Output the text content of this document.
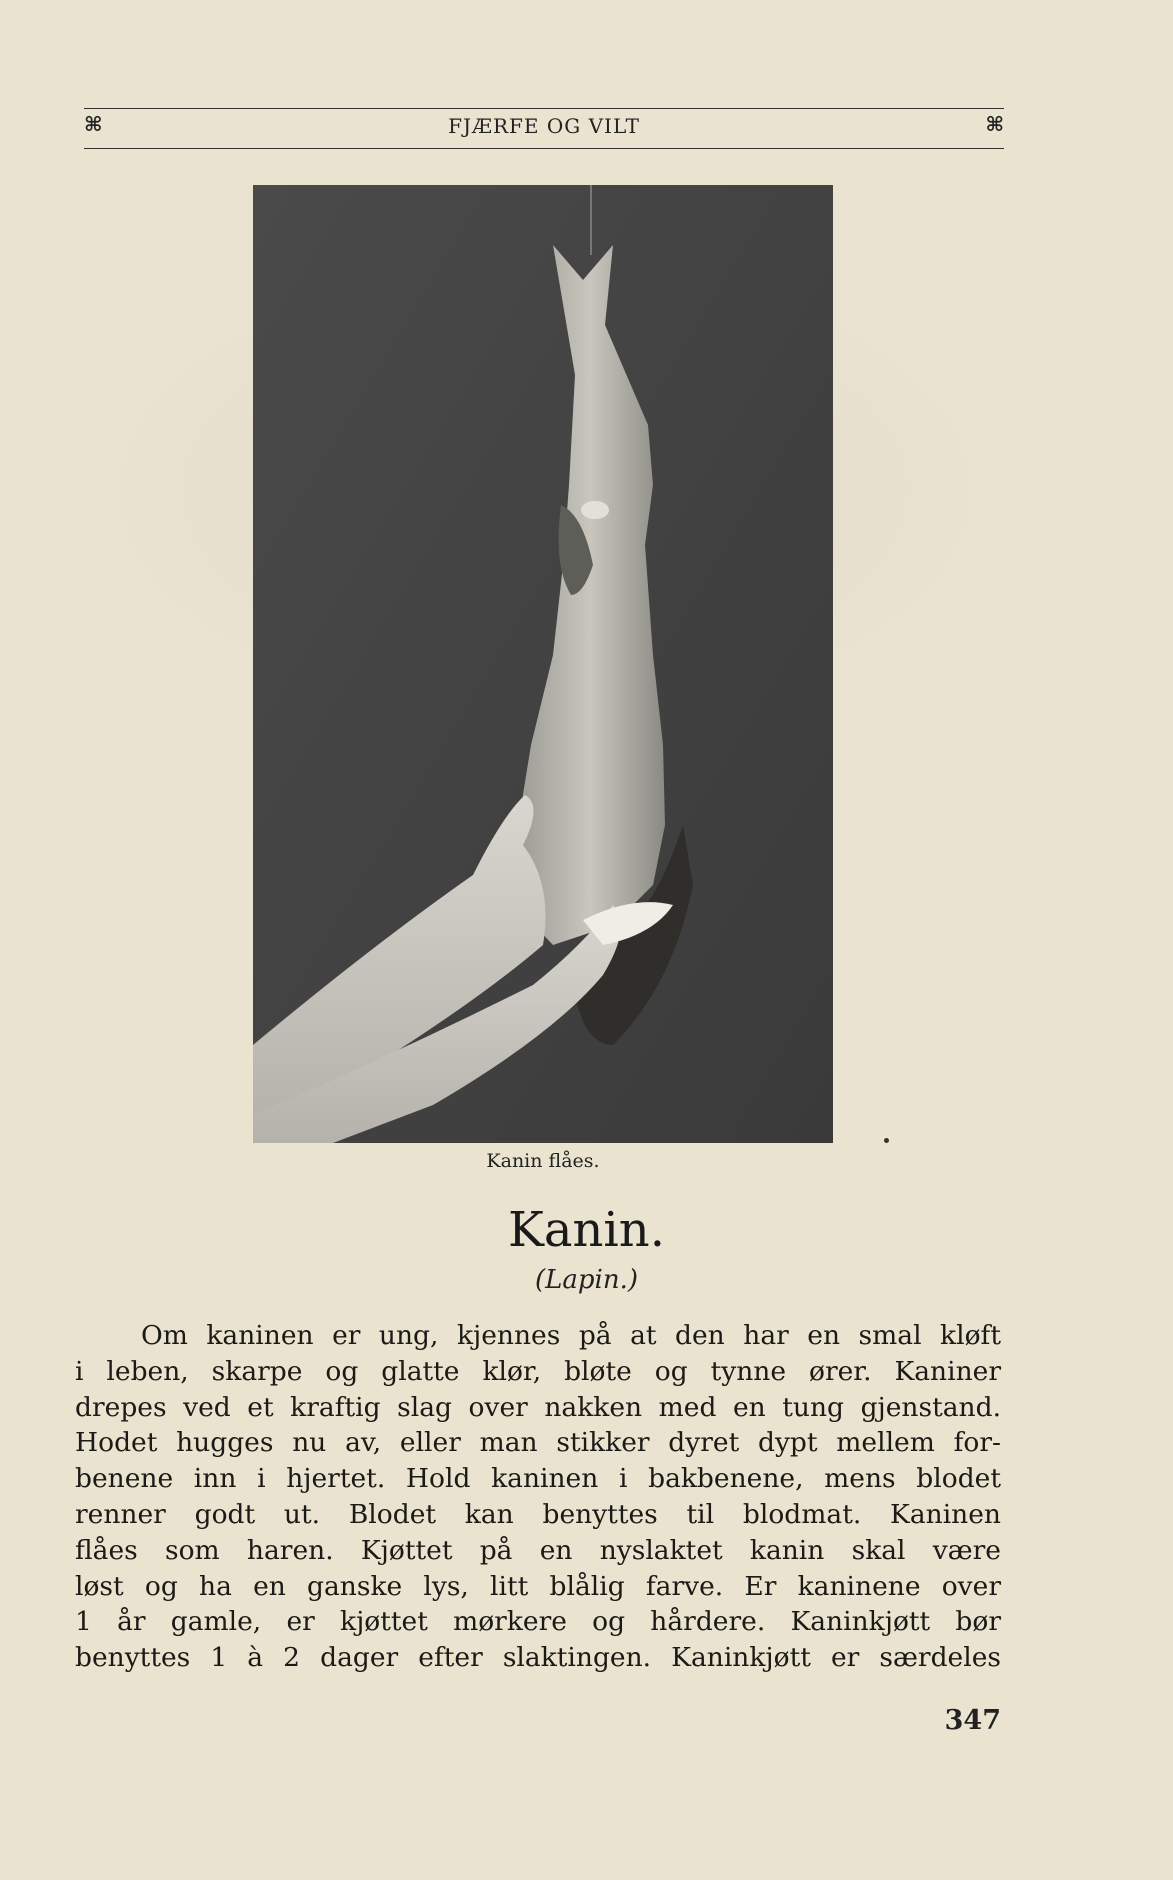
⌘	FJÆRFE OG VILT	⌘
Kanin flåes.
Kanin.
(Lapin.)
Om kaninen er ung, kjennes på at den har en smal kløft
i leben, skarpe og glatte klør, bløte og tynne ører. Kaniner
drepes ved et kraftig slag over nakken med en tung gjenstand.
Hodet hugges nu av, eller man stikker dyret dypt mellem for-
benene inn i hjertet. Hold kaninen i bakbenene, mens blodet
renner godt ut. Blodet kan benyttes til blodmat. Kaninen
flåes som haren. Kjøttet på en nyslaktet kanin skal være
løst og ha en ganske lys, litt blålig farve. Er kaninene over
1 år gamle, er kjøttet mørkere og hårdere. Kaninkjøtt bør
benyttes 1 à 2 dager efter slaktingen. Kaninkjøtt er særdeles
347
